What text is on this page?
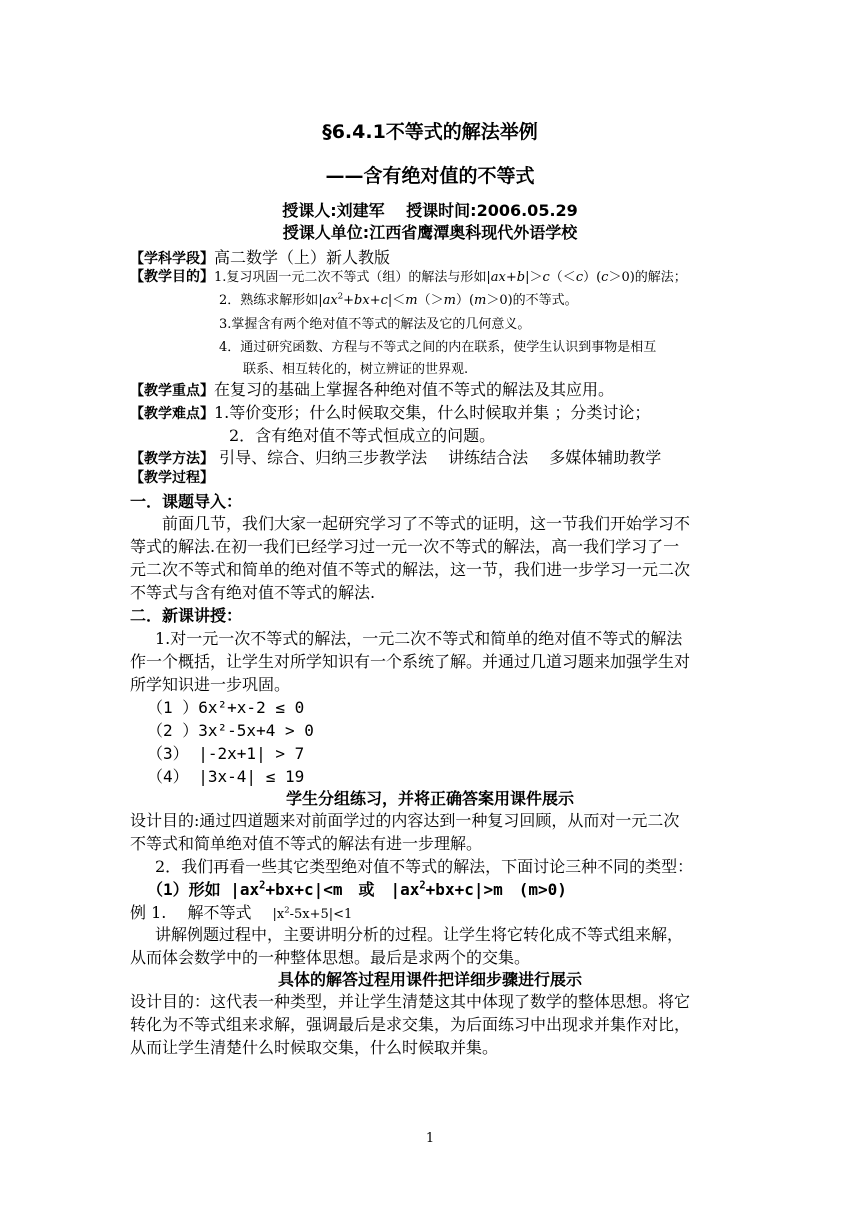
§6.4.1不等式的解法举例
——含有绝对值的不等式
授课人:刘建军　 授课时间:2006.05.29
授课人单位:江西省鹰潭奥科现代外语学校
【学科学段】高二数学（上）新人教版
【教学目的】1.复习巩固一元二次不等式（组）的解法与形如|ax+b|＞c（＜c）(c＞0)的解法；
2．熟练求解形如$|ax^2+bx+c|<m(>m)(m>0)$的不等式。
3.掌握含有两个绝对值不等式的解法及它的几何意义。
4．通过研究函数、方程与不等式之间的内在联系，使学生认识到事物是相互
联系、相互转化的，树立辨证的世界观.
【教学重点】在复习的基础上掌握各种绝对值不等式的解法及其应用。
【教学难点】1.等价变形；什么时候取交集，什么时候取并集 ；分类讨论；
2．含有绝对值不等式恒成立的问题。
【教学方法】 引导、综合、归纳三步教学法　 讲练结合法　 多媒体辅助教学
【教学过程】
一．课题导入：
前面几节，我们大家一起研究学习了不等式的证明，这一节我们开始学习不
等式的解法.在初一我们已经学习过一元一次不等式的解法，高一我们学习了一
元二次不等式和简单的绝对值不等式的解法，这一节，我们进一步学习一元二次
不等式与含有绝对值不等式的解法.
二．新课讲授：
1.对一元一次不等式的解法，一元二次不等式和简单的绝对值不等式的解法
作一个概括，让学生对所学知识有一个系统了解。并通过几道习题来加强学生对
所学知识进一步巩固。
（1 ）6x²+x-2 ≤ 0
（2 ）3x²-5x+4 > 0
（3） |-2x+1| > 7
（4） |3x-4| ≤ 19
学生分组练习，并将正确答案用课件展示
设计目的:通过四道题来对前面学过的内容达到一种复习回顾，从而对一元二次
不等式和简单绝对值不等式的解法有进一步理解。
2．我们再看一些其它类型绝对值不等式的解法，下面讨论三种不同的类型：
（1）形如 $|ax^2+bx+c|<m$　或　$|ax^2+bx+c|>m$　(m>0)
例 1.　 解不等式　 $|x^2-5x+5|<1$
讲解例题过程中，主要讲明分析的过程。让学生将它转化成不等式组来解，
从而体会数学中的一种整体思想。最后是求两个的交集。
具体的解答过程用课件把详细步骤进行展示
设计目的：这代表一种类型，并让学生清楚这其中体现了数学的整体思想。将它
转化为不等式组来求解，强调最后是求交集，为后面练习中出现求并集作对比，
从而让学生清楚什么时候取交集，什么时候取并集。
1
